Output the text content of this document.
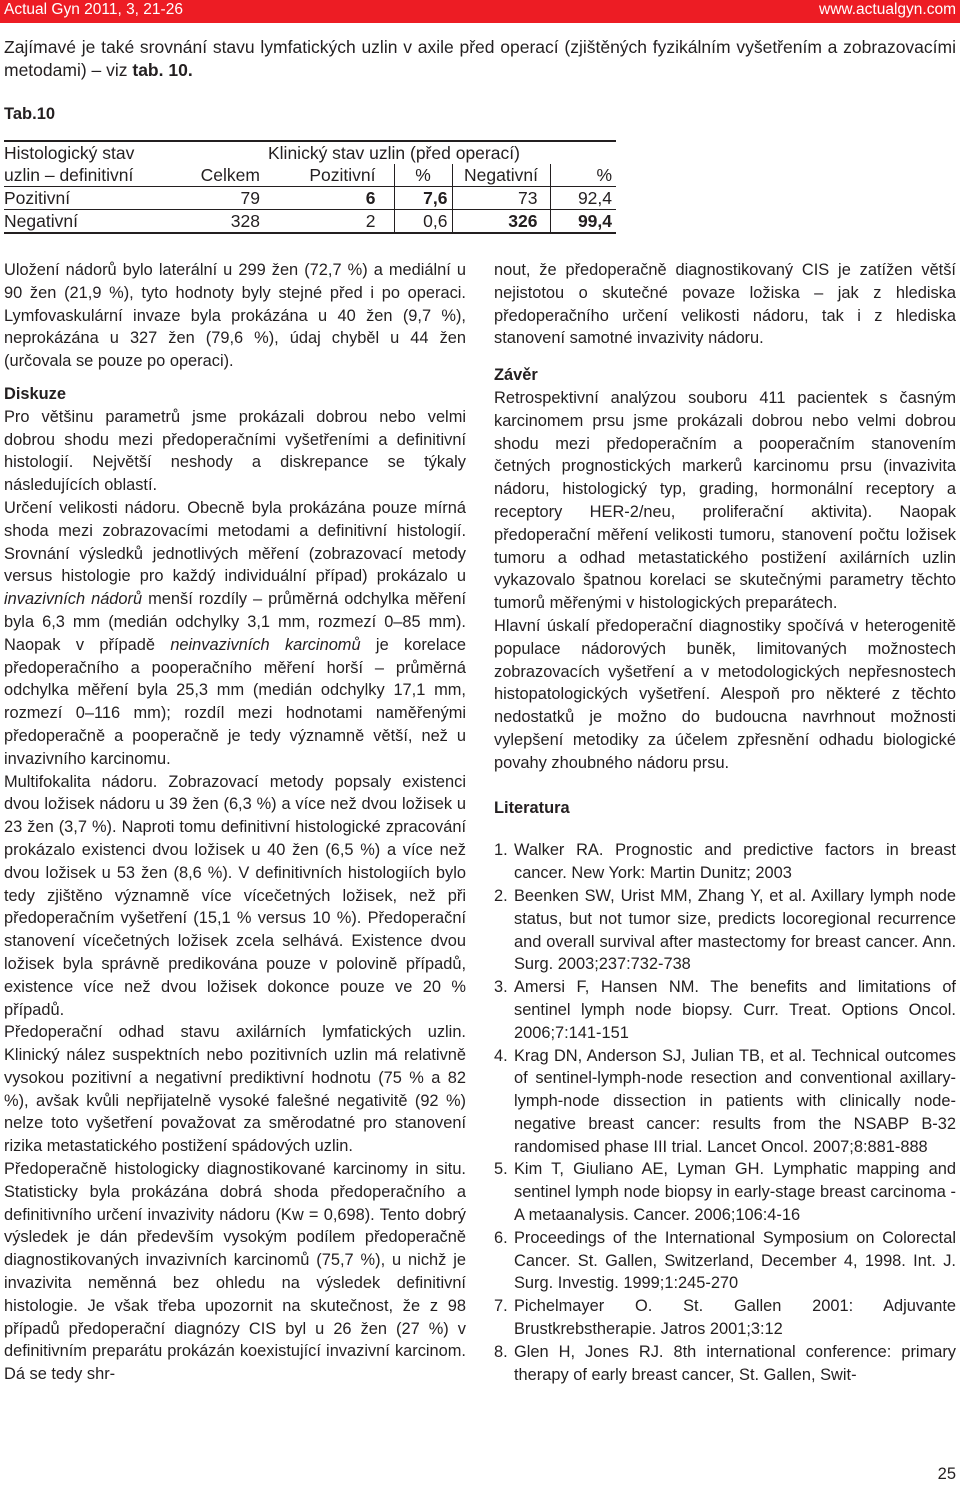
Actual Gyn 2011, 3, 21-26	www.actualgyn.com
Zajímavé je také srovnání stavu lymfatických uzlin v axile před operací (zjištěných fyzikálním vyšetřením a zobrazovacími metodami) – viz tab. 10.
Tab.10
Histologický stav		Klinický stav uzlin (před operací)			
uzlin – definitivní	Celkem	Pozitivní	%	Negativní	%
Pozitivní	79	6	7,6	73	92,4
Negativní	328	2	0,6	326	99,4

Uložení nádorů bylo laterální u 299 žen (72,7 %) a mediální u 90 žen (21,9 %), tyto hodnoty byly stejné před i po operaci. Lymfovaskulární invaze byla prokázána u 40 žen (9,7 %), neprokázána u 327 žen (79,6 %), údaj chyběl u 44 žen (určovala se pouze po operaci).

Diskuze

Pro většinu parametrů jsme prokázali dobrou nebo velmi dobrou shodu mezi předoperačními vyšetřeními a definitivní histologií. Největší neshody a diskrepance se týkaly následujících oblastí.

Určení velikosti nádoru. Obecně byla prokázána pouze mírná shoda mezi zobrazovacími metodami a definitivní histologií. Srovnání výsledků jednotlivých měření (zobrazovací metody versus histologie pro každý individuální případ) prokázalo u invazivních nádorů menší rozdíly – průměrná odchylka měření byla 6,3 mm (medián odchylky 3,1 mm, rozmezí 0–85 mm). Naopak v případě neinvazivních karcinomů je korelace předoperačního a pooperačního měření horší – průměrná odchylka měření byla 25,3 mm (medián odchylky 17,1 mm, rozmezí 0–116 mm); rozdíl mezi hodnotami naměřenými předoperačně a pooperačně je tedy významně větší, než u invazivního karcinomu.

Multifokalita nádoru. Zobrazovací metody popsaly existenci dvou ložisek nádoru u 39 žen (6,3 %) a více než dvou ložisek u 23 žen (3,7 %). Naproti tomu definitivní histologické zpracování prokázalo existenci dvou ložisek u 40 žen (6,5 %) a více než dvou ložisek u 53 žen (8,6 %). V definitivních histologiích bylo tedy zjištěno významně více vícečetných ložisek, než při předoperačním vyšetření (15,1 % versus 10 %). Předoperační stanovení vícečetných ložisek zcela selhává. Existence dvou ložisek byla správně predikována pouze v polovině případů, existence více než dvou ložisek dokonce pouze ve 20 % případů.

Předoperační odhad stavu axilárních lymfatických uzlin. Klinický nález suspektních nebo pozitivních uzlin má relativně vysokou pozitivní a negativní prediktivní hodnotu (75 % a 82 %), avšak kvůli nepřijatelně vysoké falešné negativitě (92 %) nelze toto vyšetření považovat za směrodatné pro stanovení rizika metastatického postižení spádových uzlin.

Předoperačně histologicky diagnostikované karcinomy in situ. Statisticky byla prokázána dobrá shoda předoperačního a definitivního určení invazivity nádoru (Kw = 0,698). Tento dobrý výsledek je dán především vysokým podílem předoperačně diagnostikovaných invazivních karcinomů (75,7 %), u nichž je invazivita neměnná bez ohledu na výsledek definitivní histologie. Je však třeba upozornit na skutečnost, že z 98 případů předoperační diagnózy CIS byl u 26 žen (27 %) v definitivním preparátu prokázán koexistující invazivní karcinom. Dá se tedy shr-

nout, že předoperačně diagnostikovaný CIS je zatížen větší nejistotou o skutečné povaze ložiska – jak z hlediska předoperačního určení velikosti nádoru, tak i z hlediska stanovení samotné invazivity nádoru.

Závěr

Retrospektivní analýzou souboru 411 pacientek s časným karcinomem prsu jsme prokázali dobrou nebo velmi dobrou shodu mezi předoperačním a pooperačním stanovením četných prognostických markerů karcinomu prsu (invazivita nádoru, histologický typ, grading, hormonální receptory a receptory HER-2/neu, proliferační aktivita). Naopak předoperační měření velikosti tumoru, stanovení počtu ložisek tumoru a odhad metastatického postižení axilárních uzlin vykazovalo špatnou korelaci se skutečnými parametry těchto tumorů měřenými v histologických preparátech.

Hlavní úskalí předoperační diagnostiky spočívá v heterogenitě populace nádorových buněk, limitovaných možnostech zobrazovacích vyšetření a v metodologických nepřesnostech histopatologických vyšetření. Alespoň pro některé z těchto nedostatků je možno do budoucna navrhnout možnosti vylepšení metodiky za účelem zpřesnění odhadu biologické povahy zhoubného nádoru prsu.

Literatura

1. Walker RA. Prognostic and predictive factors in breast cancer. New York: Martin Dunitz; 2003
2. Beenken SW, Urist MM, Zhang Y, et al. Axillary lymph node status, but not tumor size, predicts locoregional recurrence and overall survival after mastectomy for breast cancer. Ann. Surg. 2003;237:732-738
3. Amersi F, Hansen NM. The benefits and limitations of sentinel lymph node biopsy. Curr. Treat. Options Oncol. 2006;7:141-151
4. Krag DN, Anderson SJ, Julian TB, et al. Technical outcomes of sentinel-lymph-node resection and conventional axillary-lymph-node dissection in patients with clinically node-negative breast cancer: results from the NSABP B-32 randomised phase III trial. Lancet Oncol. 2007;8:881-888
5. Kim T, Giuliano AE, Lyman GH. Lymphatic mapping and sentinel lymph node biopsy in early-stage breast carcinoma - A metaanalysis. Cancer. 2006;106:4-16
6. Proceedings of the International Symposium on Colorectal Cancer. St. Gallen, Switzerland, December 4, 1998. Int. J. Surg. Investig. 1999;1:245-270
7. Pichelmayer O. St. Gallen 2001: Adjuvante Brustkrebstherapie. Jatros 2001;3:12
8. Glen H, Jones RJ. 8th international conference: primary therapy of early breast cancer, St. Gallen, Swit-
25
